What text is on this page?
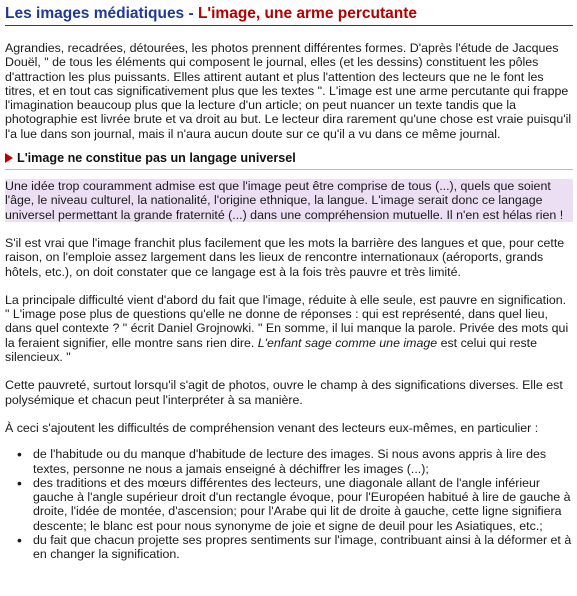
Les images médiatiques - L'image, une arme percutante

Agrandies, recadrées, détourées, les photos prennent différentes formes. D'après l'étude de Jacques Douël, " de tous les éléments qui composent le journal, elles (et les dessins) constituent les pôles d'attraction les plus puissants. Elles attirent autant et plus l'attention des lecteurs que ne le font les titres, et en tout cas significativement plus que les textes ". L'image est une arme percutante qui frappe l'imagination beaucoup plus que la lecture d'un article; on peut nuancer un texte tandis que la photographie est livrée brute et va droit au but. Le lecteur dira rarement qu'une chose est vraie puisqu'il l'a lue dans son journal, mais il n'aura aucun doute sur ce qu'il a vu dans ce même journal.

L'image ne constitue pas un langage universel

Une idée trop couramment admise est que l'image peut être comprise de tous (...), quels que soient l'âge, le niveau culturel, la nationalité, l'origine ethnique, la langue. L'image serait donc ce langage universel permettant la grande fraternité (...) dans une compréhension mutuelle. Il n'en est hélas rien !

S'il est vrai que l'image franchit plus facilement que les mots la barrière des langues et que, pour cette raison, on l'emploie assez largement dans les lieux de rencontre internationaux (aéroports, grands hôtels, etc.), on doit constater que ce langage est à la fois très pauvre et très limité.

La principale difficulté vient d'abord du fait que l'image, réduite à elle seule, est pauvre en signification. " L'image pose plus de questions qu'elle ne donne de réponses : qui est représenté, dans quel lieu, dans quel contexte ? " écrit Daniel Grojnowki. " En somme, il lui manque la parole. Privée des mots qui la feraient signifier, elle montre sans rien dire. L'enfant sage comme une image est celui qui reste silencieux. "

Cette pauvreté, surtout lorsqu'il s'agit de photos, ouvre le champ à des significations diverses. Elle est polysémique et chacun peut l'interpréter à sa manière.

À ceci s'ajoutent les difficultés de compréhension venant des lecteurs eux-mêmes, en particulier :

• de l'habitude ou du manque d'habitude de lecture des images. Si nous avons appris à lire des textes, personne ne nous a jamais enseigné à déchiffrer les images (...);
• des traditions et des mœurs différentes des lecteurs, une diagonale allant de l'angle inférieur gauche à l'angle supérieur droit d'un rectangle évoque, pour l'Européen habitué à lire de gauche à droite, l'idée de montée, d'ascension; pour l'Arabe qui lit de droite à gauche, cette ligne signifiera descente; le blanc est pour nous synonyme de joie et signe de deuil pour les Asiatiques, etc.;
• du fait que chacun projette ses propres sentiments sur l'image, contribuant ainsi à la déformer et à en changer la signification.
